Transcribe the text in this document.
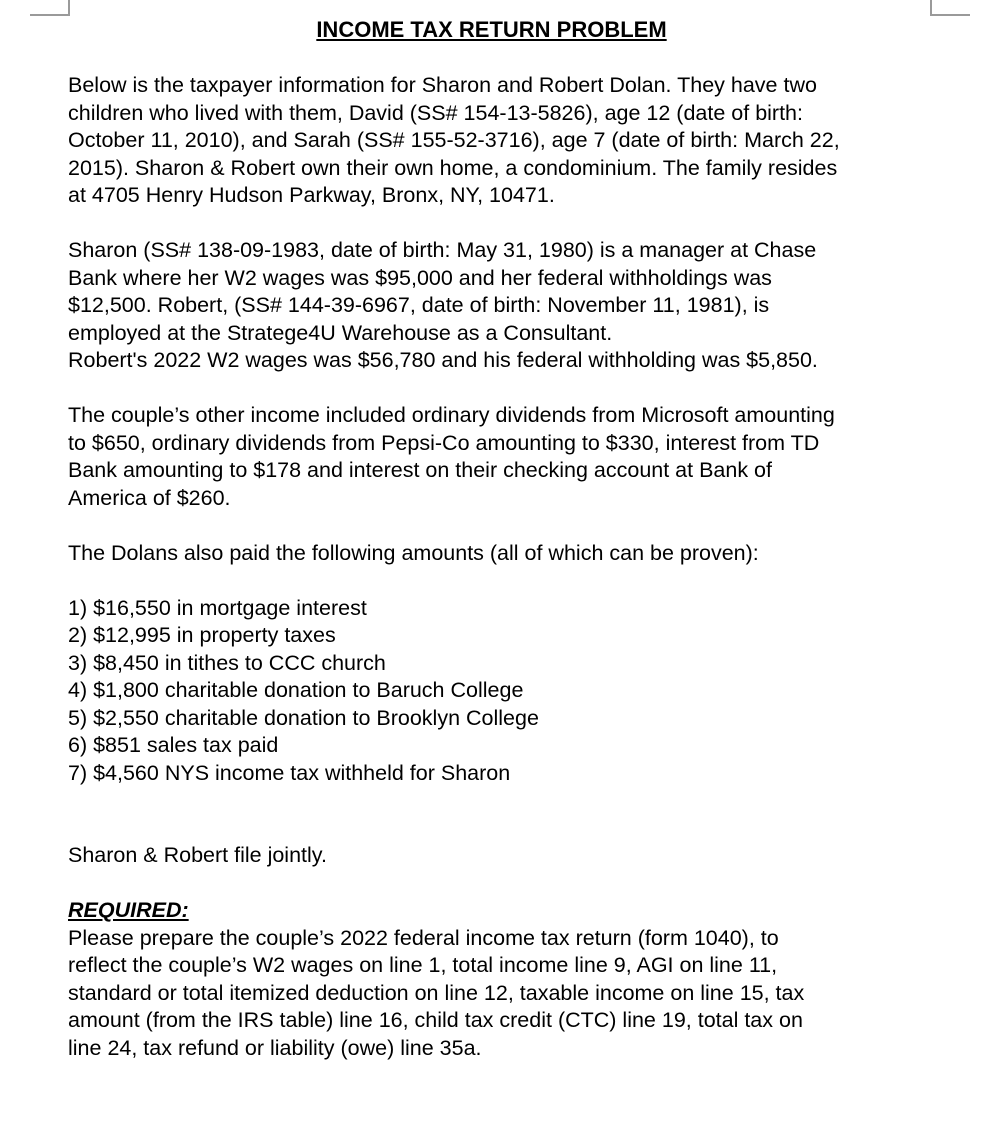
INCOME TAX RETURN PROBLEM

Below is the taxpayer information for Sharon and Robert Dolan. They have two
children who lived with them, David (SS# 154-13-5826), age 12 (date of birth:
October 11, 2010), and Sarah (SS# 155-52-3716), age 7 (date of birth: March 22,
2015). Sharon & Robert own their own home, a condominium. The family resides
at 4705 Henry Hudson Parkway, Bronx, NY, 10471.

Sharon (SS# 138-09-1983, date of birth: May 31, 1980) is a manager at Chase
Bank where her W2 wages was $95,000 and her federal withholdings was
$12,500. Robert, (SS# 144-39-6967, date of birth: November 11, 1981), is
employed at the Stratege4U Warehouse as a Consultant.
Robert's 2022 W2 wages was $56,780 and his federal withholding was $5,850.

The couple’s other income included ordinary dividends from Microsoft amounting
to $650, ordinary dividends from Pepsi-Co amounting to $330, interest from TD
Bank amounting to $178 and interest on their checking account at Bank of
America of $260.

The Dolans also paid the following amounts (all of which can be proven):

1) $16,550 in mortgage interest
2) $12,995 in property taxes
3) $8,450 in tithes to CCC church
4) $1,800 charitable donation to Baruch College
5) $2,550 charitable donation to Brooklyn College
6) $851 sales tax paid
7) $4,560 NYS income tax withheld for Sharon

Sharon & Robert file jointly.

REQUIRED:
Please prepare the couple’s 2022 federal income tax return (form 1040), to
reflect the couple’s W2 wages on line 1, total income line 9, AGI on line 11,
standard or total itemized deduction on line 12, taxable income on line 15, tax
amount (from the IRS table) line 16, child tax credit (CTC) line 19, total tax on
line 24, tax refund or liability (owe) line 35a.
